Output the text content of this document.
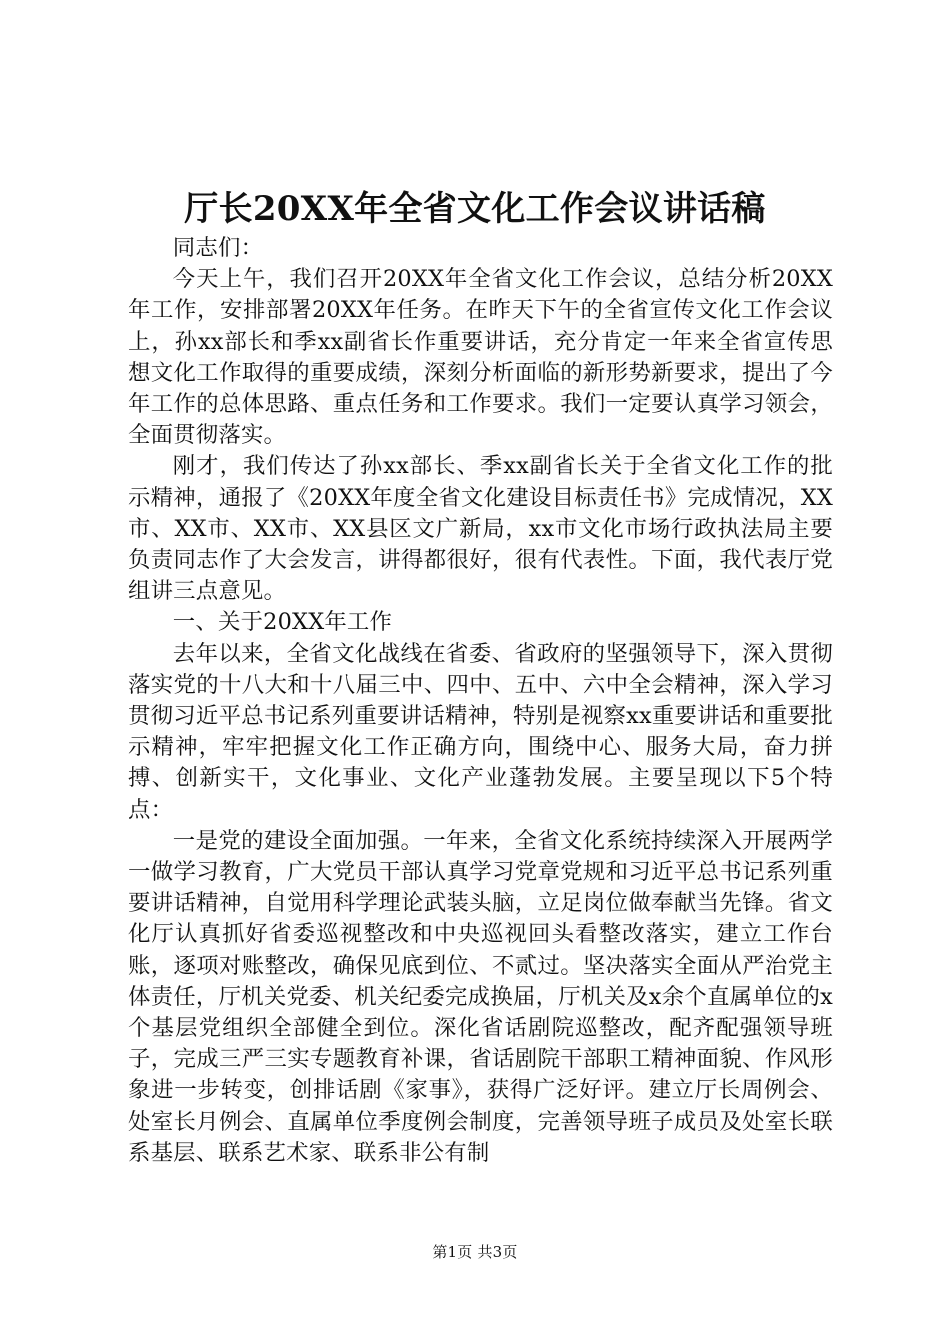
厅长20XX年全省文化工作会议讲话稿

同志们：

今天上午，我们召开20XX年全省文化工作会议，总结分析20XX年工作，安排部署20XX年任务。在昨天下午的全省宣传文化工作会议上，孙xx部长和季xx副省长作重要讲话，充分肯定一年来全省宣传思想文化工作取得的重要成绩，深刻分析面临的新形势新要求，提出了今年工作的总体思路、重点任务和工作要求。我们一定要认真学习领会，全面贯彻落实。

刚才，我们传达了孙xx部长、季xx副省长关于全省文化工作的批示精神，通报了《20XX年度全省文化建设目标责任书》完成情况，XX市、XX市、XX市、XX县区文广新局，xx市文化市场行政执法局主要负责同志作了大会发言，讲得都很好，很有代表性。下面，我代表厅党组讲三点意见。

一、关于20XX年工作

去年以来，全省文化战线在省委、省政府的坚强领导下，深入贯彻落实党的十八大和十八届三中、四中、五中、六中全会精神，深入学习贯彻习近平总书记系列重要讲话精神，特别是视察xx重要讲话和重要批示精神，牢牢把握文化工作正确方向，围绕中心、服务大局，奋力拼搏、创新实干，文化事业、文化产业蓬勃发展。主要呈现以下5个特点：

一是党的建设全面加强。一年来，全省文化系统持续深入开展两学一做学习教育，广大党员干部认真学习党章党规和习近平总书记系列重要讲话精神，自觉用科学理论武装头脑，立足岗位做奉献当先锋。省文化厅认真抓好省委巡视整改和中央巡视回头看整改落实，建立工作台账，逐项对账整改，确保见底到位、不贰过。坚决落实全面从严治党主体责任，厅机关党委、机关纪委完成换届，厅机关及x余个直属单位的x个基层党组织全部健全到位。深化省话剧院巡整改，配齐配强领导班子，完成三严三实专题教育补课，省话剧院干部职工精神面貌、作风形象进一步转变，创排话剧《家事》，获得广泛好评。建立厅长周例会、处室长月例会、直属单位季度例会制度，完善领导班子成员及处室长联系基层、联系艺术家、联系非公有制

第1页 共3页
